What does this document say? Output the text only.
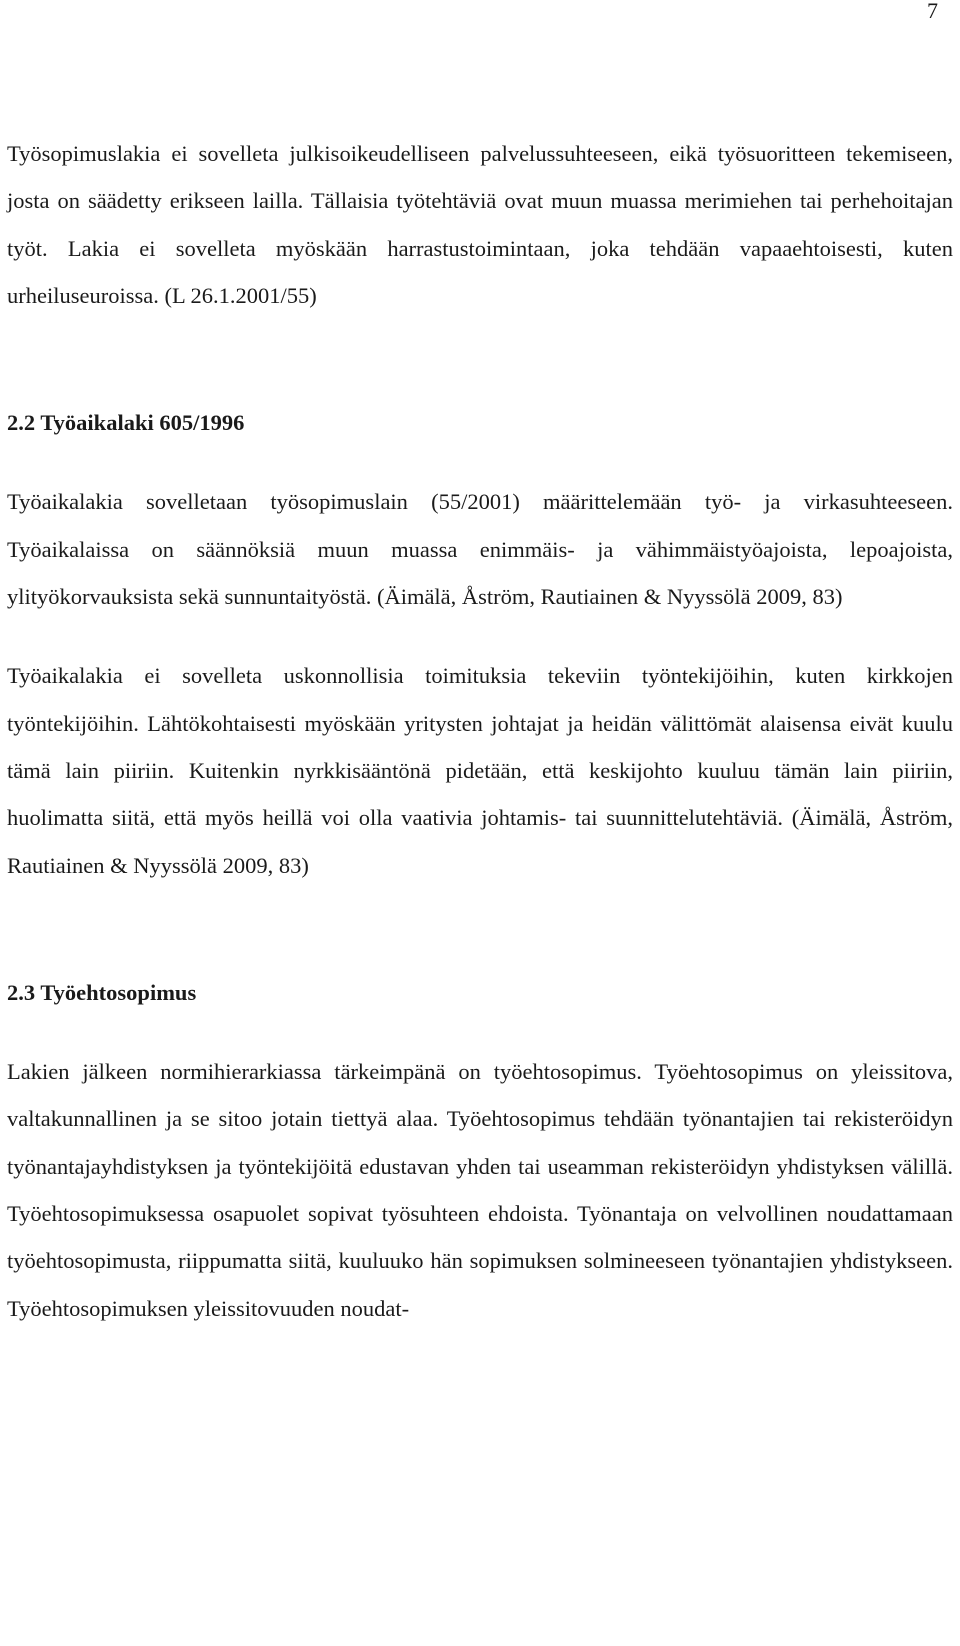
7

Työsopimuslakia ei sovelleta julkisoikeudelliseen palvelussuhteeseen, eikä työsuoritteen tekemiseen, josta on säädetty erikseen lailla. Tällaisia työtehtäviä ovat muun muassa merimiehen tai perhehoitajan työt. Lakia ei sovelleta myöskään harrastustoimintaan, joka tehdään vapaaehtoisesti, kuten urheiluseuroissa. (L 26.1.2001/55)

2.2 Työaikalaki 605/1996

Työaikalakia sovelletaan työsopimuslain (55/2001) määrittelemään työ- ja virkasuhteeseen. Työaikalaissa on säännöksiä muun muassa enimmäis- ja vähimmäistyöajoista, lepoajoista, ylityökorvauksista sekä sunnuntaityöstä. (Äimälä, Åström, Rautiainen & Nyyssölä 2009, 83)

Työaikalakia ei sovelleta uskonnollisia toimituksia tekeviin työntekijöihin, kuten kirkkojen työntekijöihin. Lähtökohtaisesti myöskään yritysten johtajat ja heidän välittömät alaisensa eivät kuulu tämä lain piiriin. Kuitenkin nyrkkisääntönä pidetään, että keskijohto kuuluu tämän lain piiriin, huolimatta siitä, että myös heillä voi olla vaativia johtamis- tai suunnittelutehtäviä. (Äimälä, Åström, Rautiainen & Nyyssölä 2009, 83)

2.3 Työehtosopimus

Lakien jälkeen normihierarkiassa tärkeimpänä on työehtosopimus. Työehtosopimus on yleissitova, valtakunnallinen ja se sitoo jotain tiettyä alaa. Työehtosopimus tehdään työnantajien tai rekisteröidyn työnantajayhdistyksen ja työntekijöitä edustavan yhden tai useamman rekisteröidyn yhdistyksen välillä. Työehtosopimuksessa osapuolet sopivat työsuhteen ehdoista. Työnantaja on velvollinen noudattamaan työehtosopimusta, riippumatta siitä, kuuluuko hän sopimuksen solmineeseen työnantajien yhdistykseen. Työehtosopimuksen yleissitovuuden noudat-
